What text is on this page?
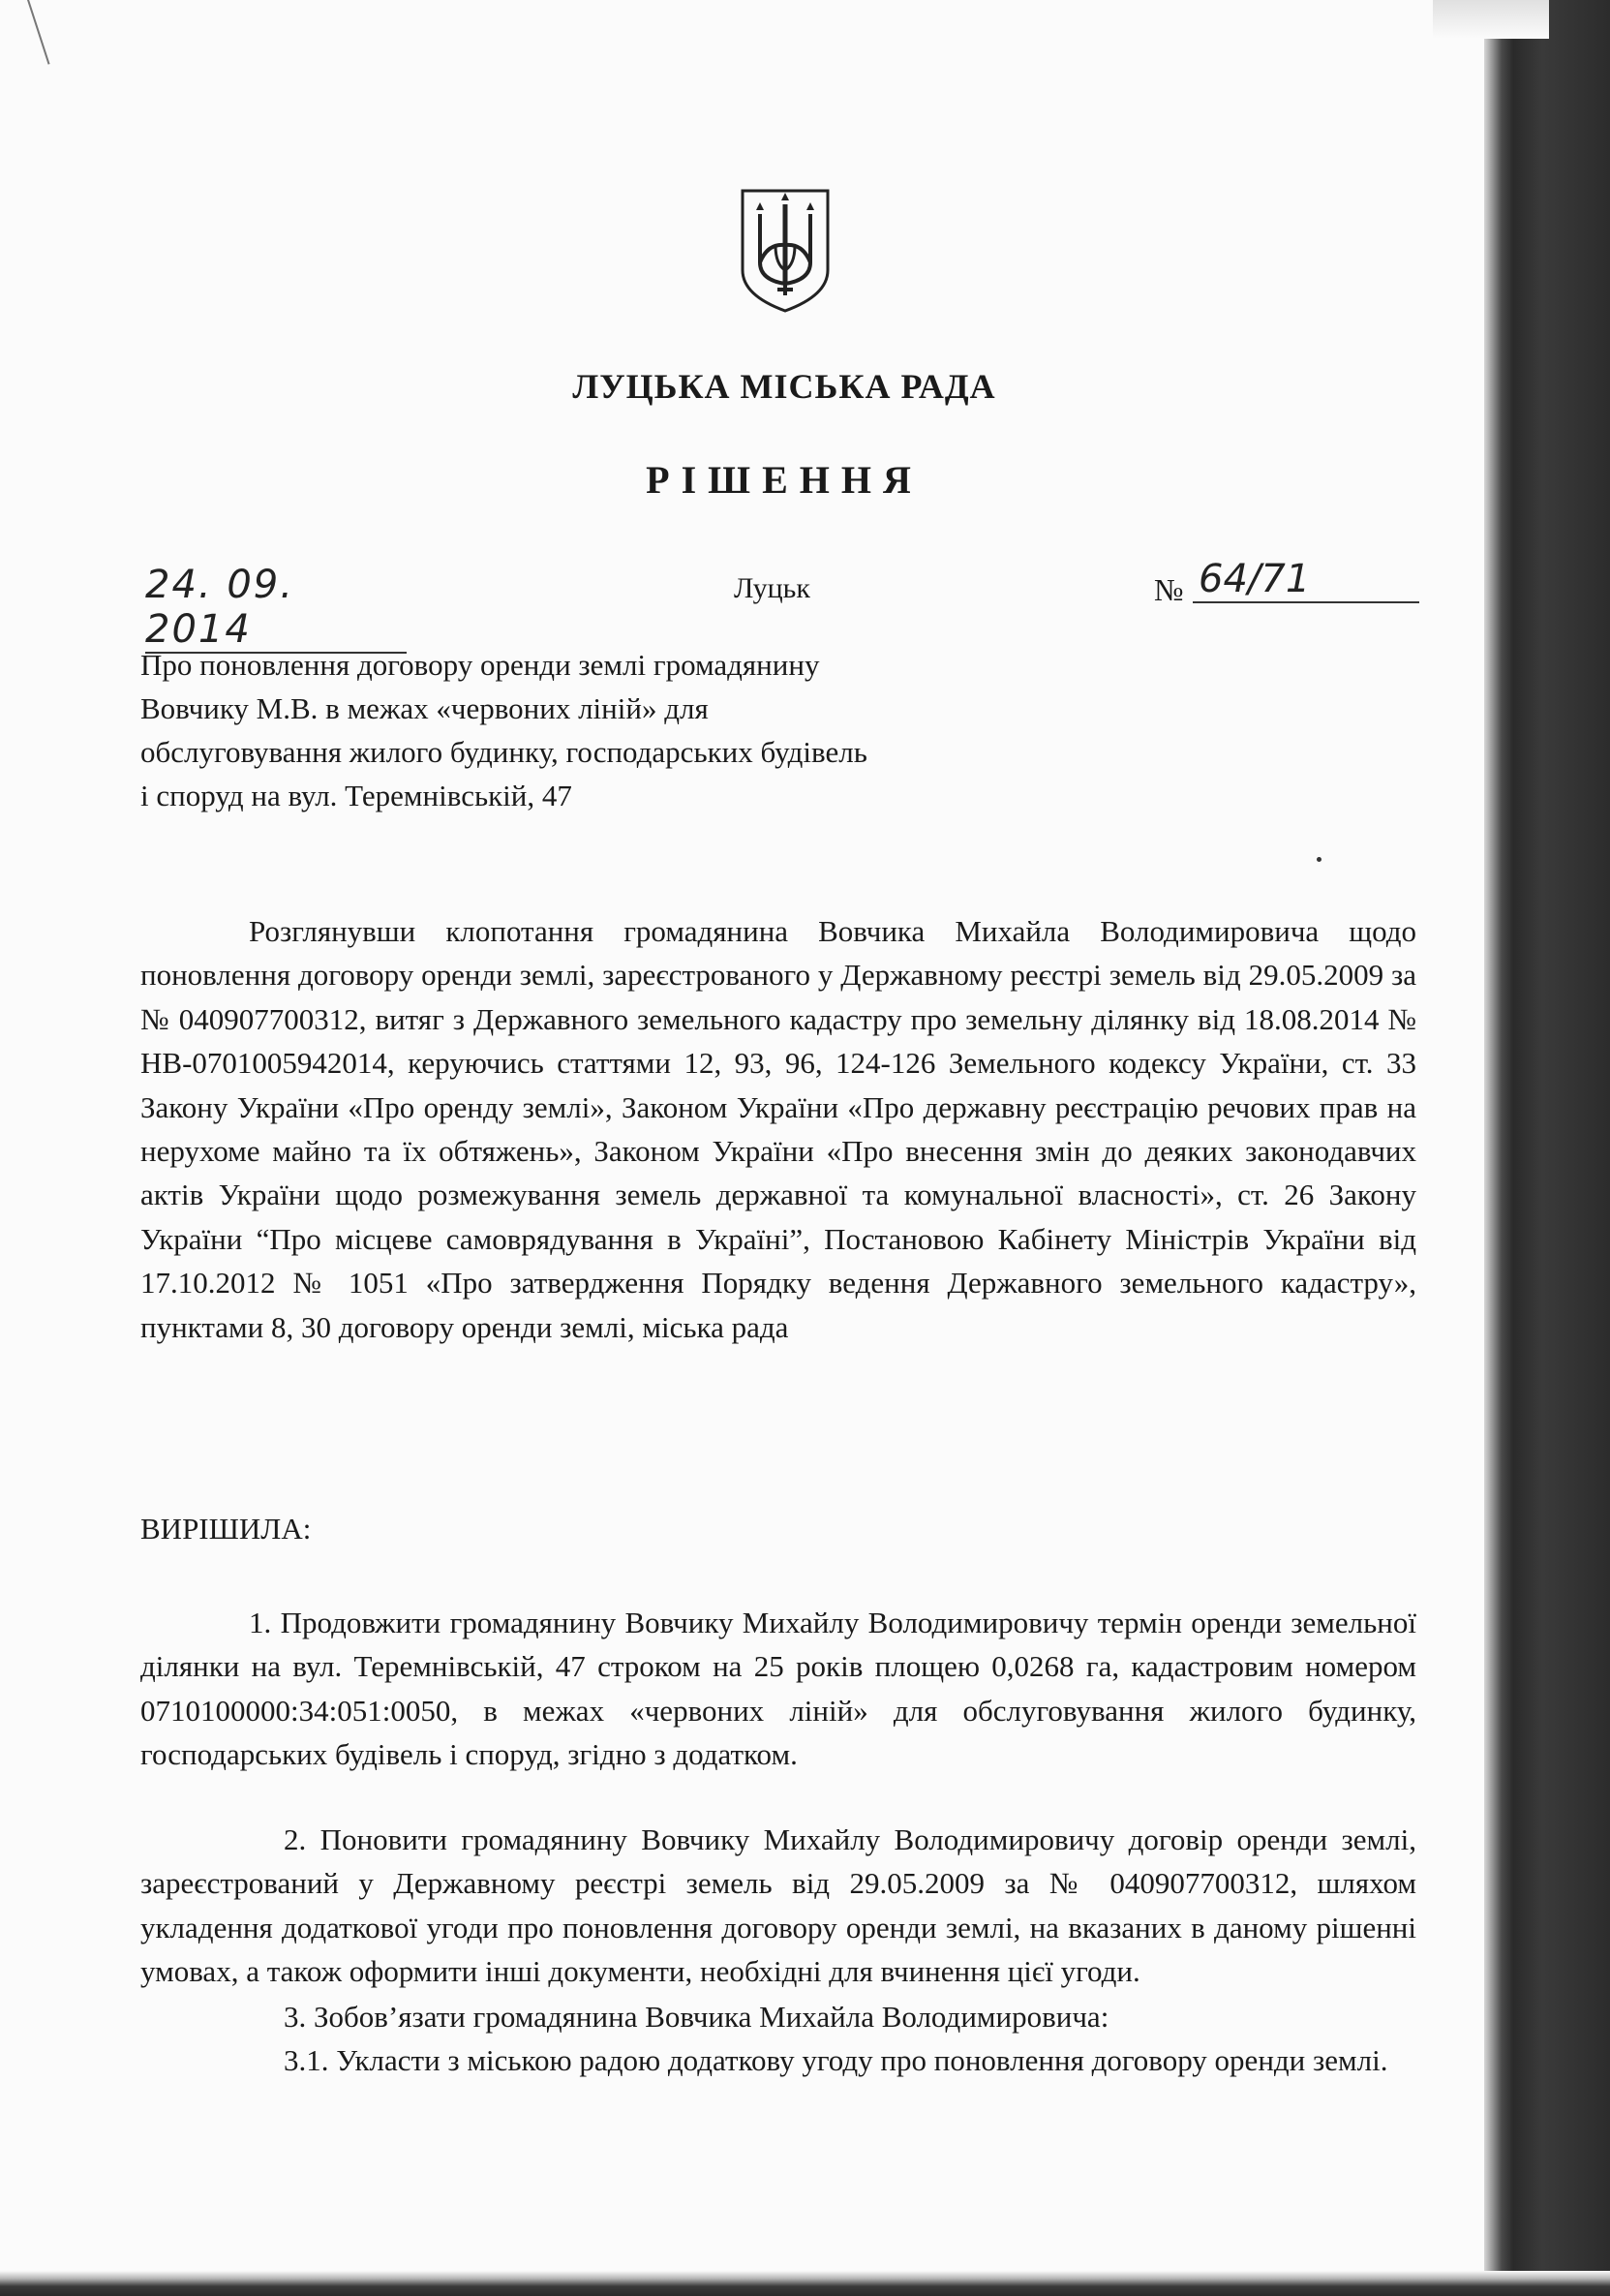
ЛУЦЬКА МІСЬКА РАДА
РІШЕННЯ
24. 09. 2014
Луцьк	№ 64/71
Про поновлення договору оренди землі громадянину Вовчику М.В. в межах «червоних ліній» для обслуговування жилого будинку, господарських будівель і споруд на вул. Теремнівській, 47
Розглянувши клопотання громадянина Вовчика Михайла Володимировича щодо поновлення договору оренди землі, зареєстрованого у Державному реєстрі земель від 29.05.2009 за № 040907700312, витяг з Державного земельного кадастру про земельну ділянку від 18.08.2014 № НВ-0701005942014, керуючись статтями 12, 93, 96, 124-126 Земельного кодексу України, ст. 33 Закону України «Про оренду землі», Законом України «Про державну реєстрацію речових прав на нерухоме майно та їх обтяжень», Законом України «Про внесення змін до деяких законодавчих актів України щодо розмежування земель державної та комунальної власності», ст. 26 Закону України “Про місцеве самоврядування в Україні”, Постановою Кабінету Міністрів України від 17.10.2012 № 1051 «Про затвердження Порядку ведення Державного земельного кадастру», пунктами 8, 30 договору оренди землі, міська рада
ВИРІШИЛА:
1. Продовжити громадянину Вовчику Михайлу Володимировичу термін оренди земельної ділянки на вул. Теремнівській, 47 строком на 25 років площею 0,0268 га, кадастровим номером 0710100000:34:051:0050, в межах «червоних ліній» для обслуговування жилого будинку, господарських будівель і споруд, згідно з додатком.
2. Поновити громадянину Вовчику Михайлу Володимировичу договір оренди землі, зареєстрований у Державному реєстрі земель від 29.05.2009 за № 040907700312, шляхом укладення додаткової угоди про поновлення договору оренди землі, на вказаних в даному рішенні умовах, а також оформити інші документи, необхідні для вчинення цієї угоди.
3. Зобов’язати громадянина Вовчика Михайла Володимировича:
3.1. Укласти з міською радою додаткову угоду про поновлення договору оренди землі.
